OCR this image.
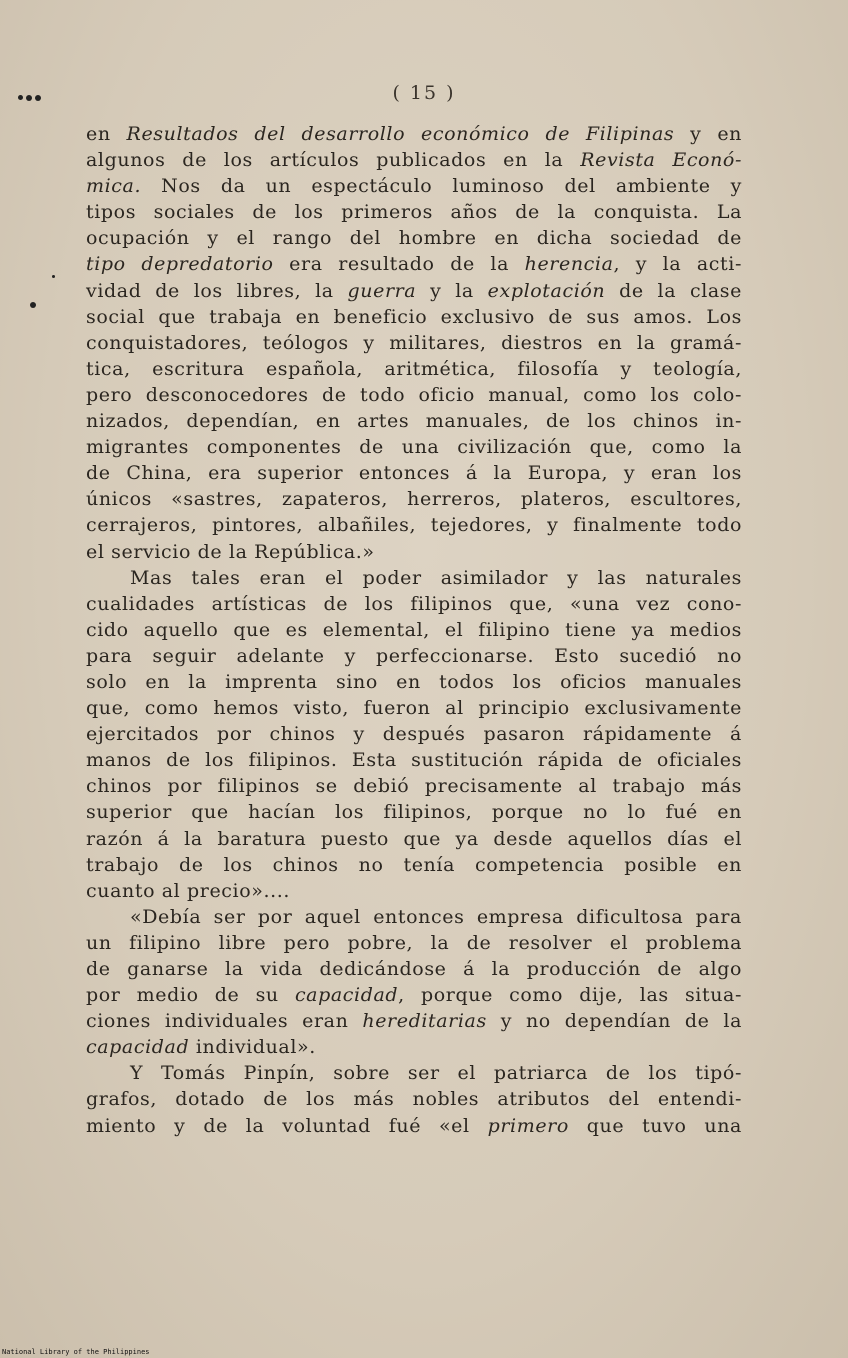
( 15 )
en Resultados del desarrollo económico de Filipinas y en
algunos de los artículos publicados en la Revista Econó-
mica. Nos da un espectáculo luminoso del ambiente y
tipos sociales de los primeros años de la conquista. La
ocupación y el rango del hombre en dicha sociedad de
tipo depredatorio era resultado de la herencia, y la acti-
vidad de los libres, la guerra y la explotación de la clase
social que trabaja en beneficio exclusivo de sus amos. Los
conquistadores, teólogos y militares, diestros en la gramá-
tica, escritura española, aritmética, filosofía y teología,
pero desconocedores de todo oficio manual, como los colo-
nizados, dependían, en artes manuales, de los chinos in-
migrantes componentes de una civilización que, como la
de China, era superior entonces á la Europa, y eran los
únicos «sastres, zapateros, herreros, plateros, escultores,
cerrajeros, pintores, albañiles, tejedores, y finalmente todo
el servicio de la República.»
Mas tales eran el poder asimilador y las naturales
cualidades artísticas de los filipinos que, «una vez cono-
cido aquello que es elemental, el filipino tiene ya medios
para seguir adelante y perfeccionarse. Esto sucedió no
solo en la imprenta sino en todos los oficios manuales
que, como hemos visto, fueron al principio exclusivamente
ejercitados por chinos y después pasaron rápidamente á
manos de los filipinos. Esta sustitución rápida de oficiales
chinos por filipinos se debió precisamente al trabajo más
superior que hacían los filipinos, porque no lo fué en
razón á la baratura puesto que ya desde aquellos días el
trabajo de los chinos no tenía competencia posible en
cuanto al precio»....
«Debía ser por aquel entonces empresa dificultosa para
un filipino libre pero pobre, la de resolver el problema
de ganarse la vida dedicándose á la producción de algo
por medio de su capacidad, porque como dije, las situa-
ciones individuales eran hereditarias y no dependían de la
capacidad individual».
Y Tomás Pinpín, sobre ser el patriarca de los tipó-
grafos, dotado de los más nobles atributos del entendi-
miento y de la voluntad fué «el primero que tuvo una
National Library of the Philippines
